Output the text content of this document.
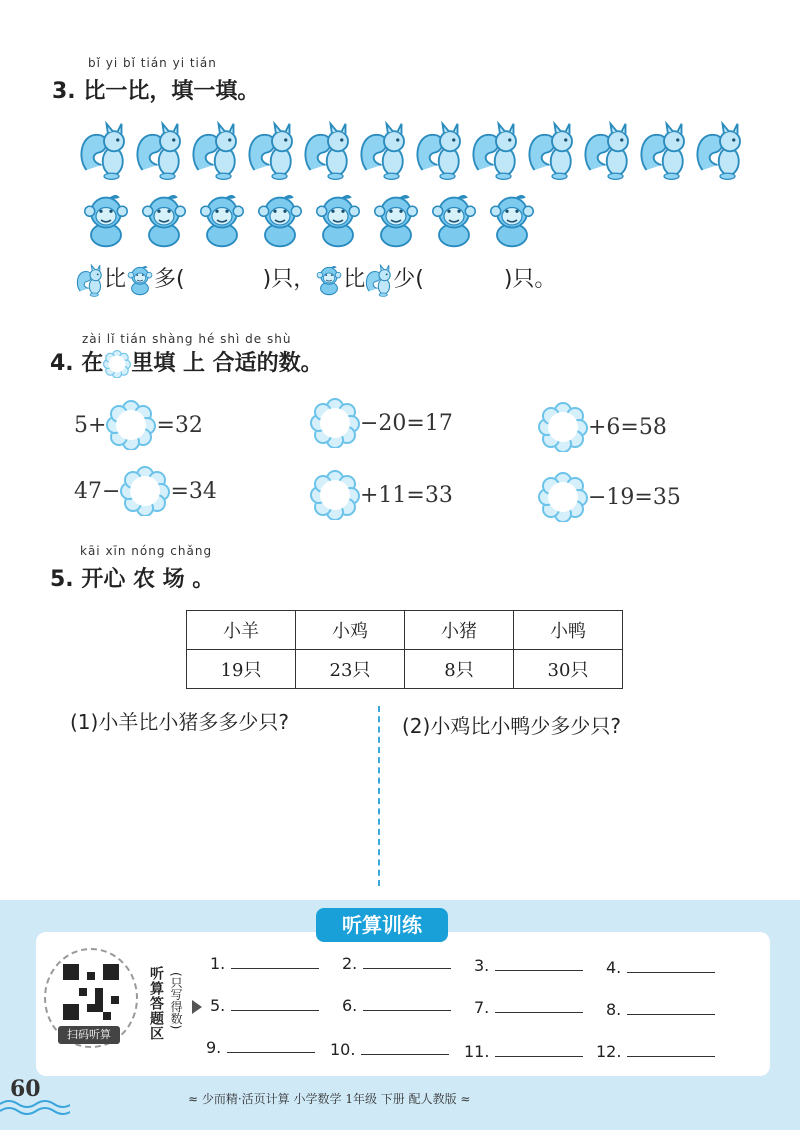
bǐ yi bǐ tián yi tián
3. 比一比，填一填。
比 多(	)只， 比 少(	)只。
zài lǐ tián shàng hé shì de shù
4. 在 里填 上 合适的数。
5+ =32	−20=17	+6=58
47− =34	+11=33	−19=35
kāi xīn nóng chǎng
5. 开心 农 场 。
小羊	小鸡	小猪	小鸭
19只	23只	8只	30只
(1)小羊比小猪多多少只?	(2)小鸡比小鸭少多少只?
听算训练
扫码听算	听算答题区 (只写得数)
1.	2.	3.	4.
5.	6.	7.	8.
9.	10.	11.	12.
60	≈ 少而精·活页计算 小学数学 1年级 下册 配人教版 ≈
